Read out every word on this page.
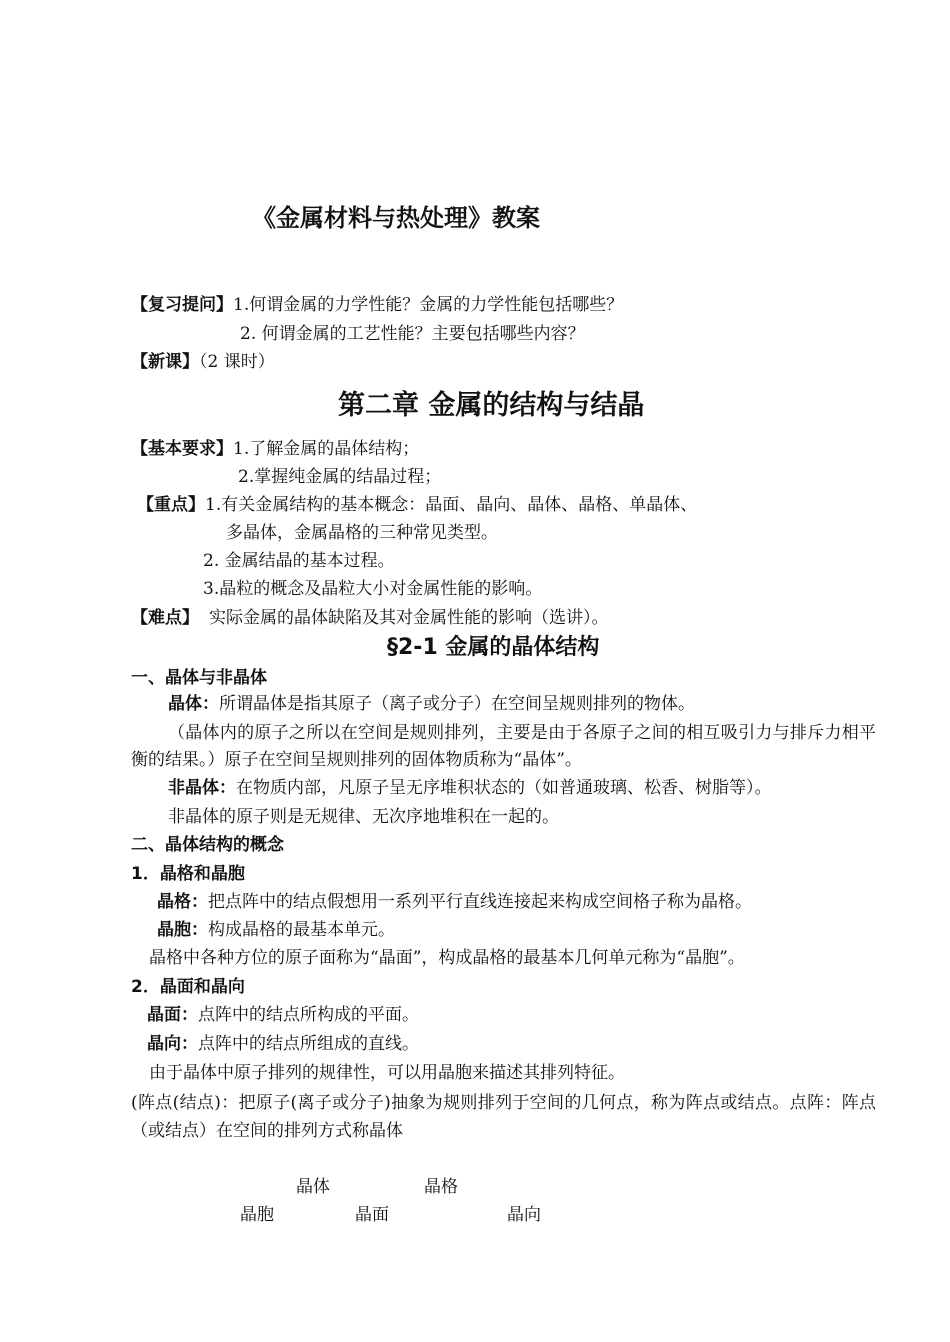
《金属材料与热处理》教案
【复习提问】1.何谓金属的力学性能？金属的力学性能包括哪些？
2. 何谓金属的工艺性能？主要包括哪些内容？
【新课】（2 课时）
第二章 金属的结构与结晶
【基本要求】1.了解金属的晶体结构；
2.掌握纯金属的结晶过程；
【重点】1.有关金属结构的基本概念：晶面、晶向、晶体、晶格、单晶体、
多晶体，金属晶格的三种常见类型。
2. 金属结晶的基本过程。
3.晶粒的概念及晶粒大小对金属性能的影响。
【难点】 实际金属的晶体缺陷及其对金属性能的影响（选讲）。
§2-1 金属的晶体结构
一、晶体与非晶体
晶体：所谓晶体是指其原子（离子或分子）在空间呈规则排列的物体。
（晶体内的原子之所以在空间是规则排列，主要是由于各原子之间的相互吸引力与排斥力相平衡的结果。）原子在空间呈规则排列的固体物质称为“晶体”。
非晶体：在物质内部，凡原子呈无序堆积状态的（如普通玻璃、松香、树脂等）。
非晶体的原子则是无规律、无次序地堆积在一起的。
二、晶体结构的概念
1．晶格和晶胞
晶格：把点阵中的结点假想用一系列平行直线连接起来构成空间格子称为晶格。
晶胞：构成晶格的最基本单元。
晶格中各种方位的原子面称为“晶面”，构成晶格的最基本几何单元称为“晶胞”。
2．晶面和晶向
晶面：点阵中的结点所构成的平面。
晶向：点阵中的结点所组成的直线。
由于晶体中原子排列的规律性，可以用晶胞来描述其排列特征。
(阵点(结点)：把原子(离子或分子)抽象为规则排列于空间的几何点，称为阵点或结点。点阵：阵点（或结点）在空间的排列方式称晶体
晶体	晶格
晶胞	晶面	晶向
